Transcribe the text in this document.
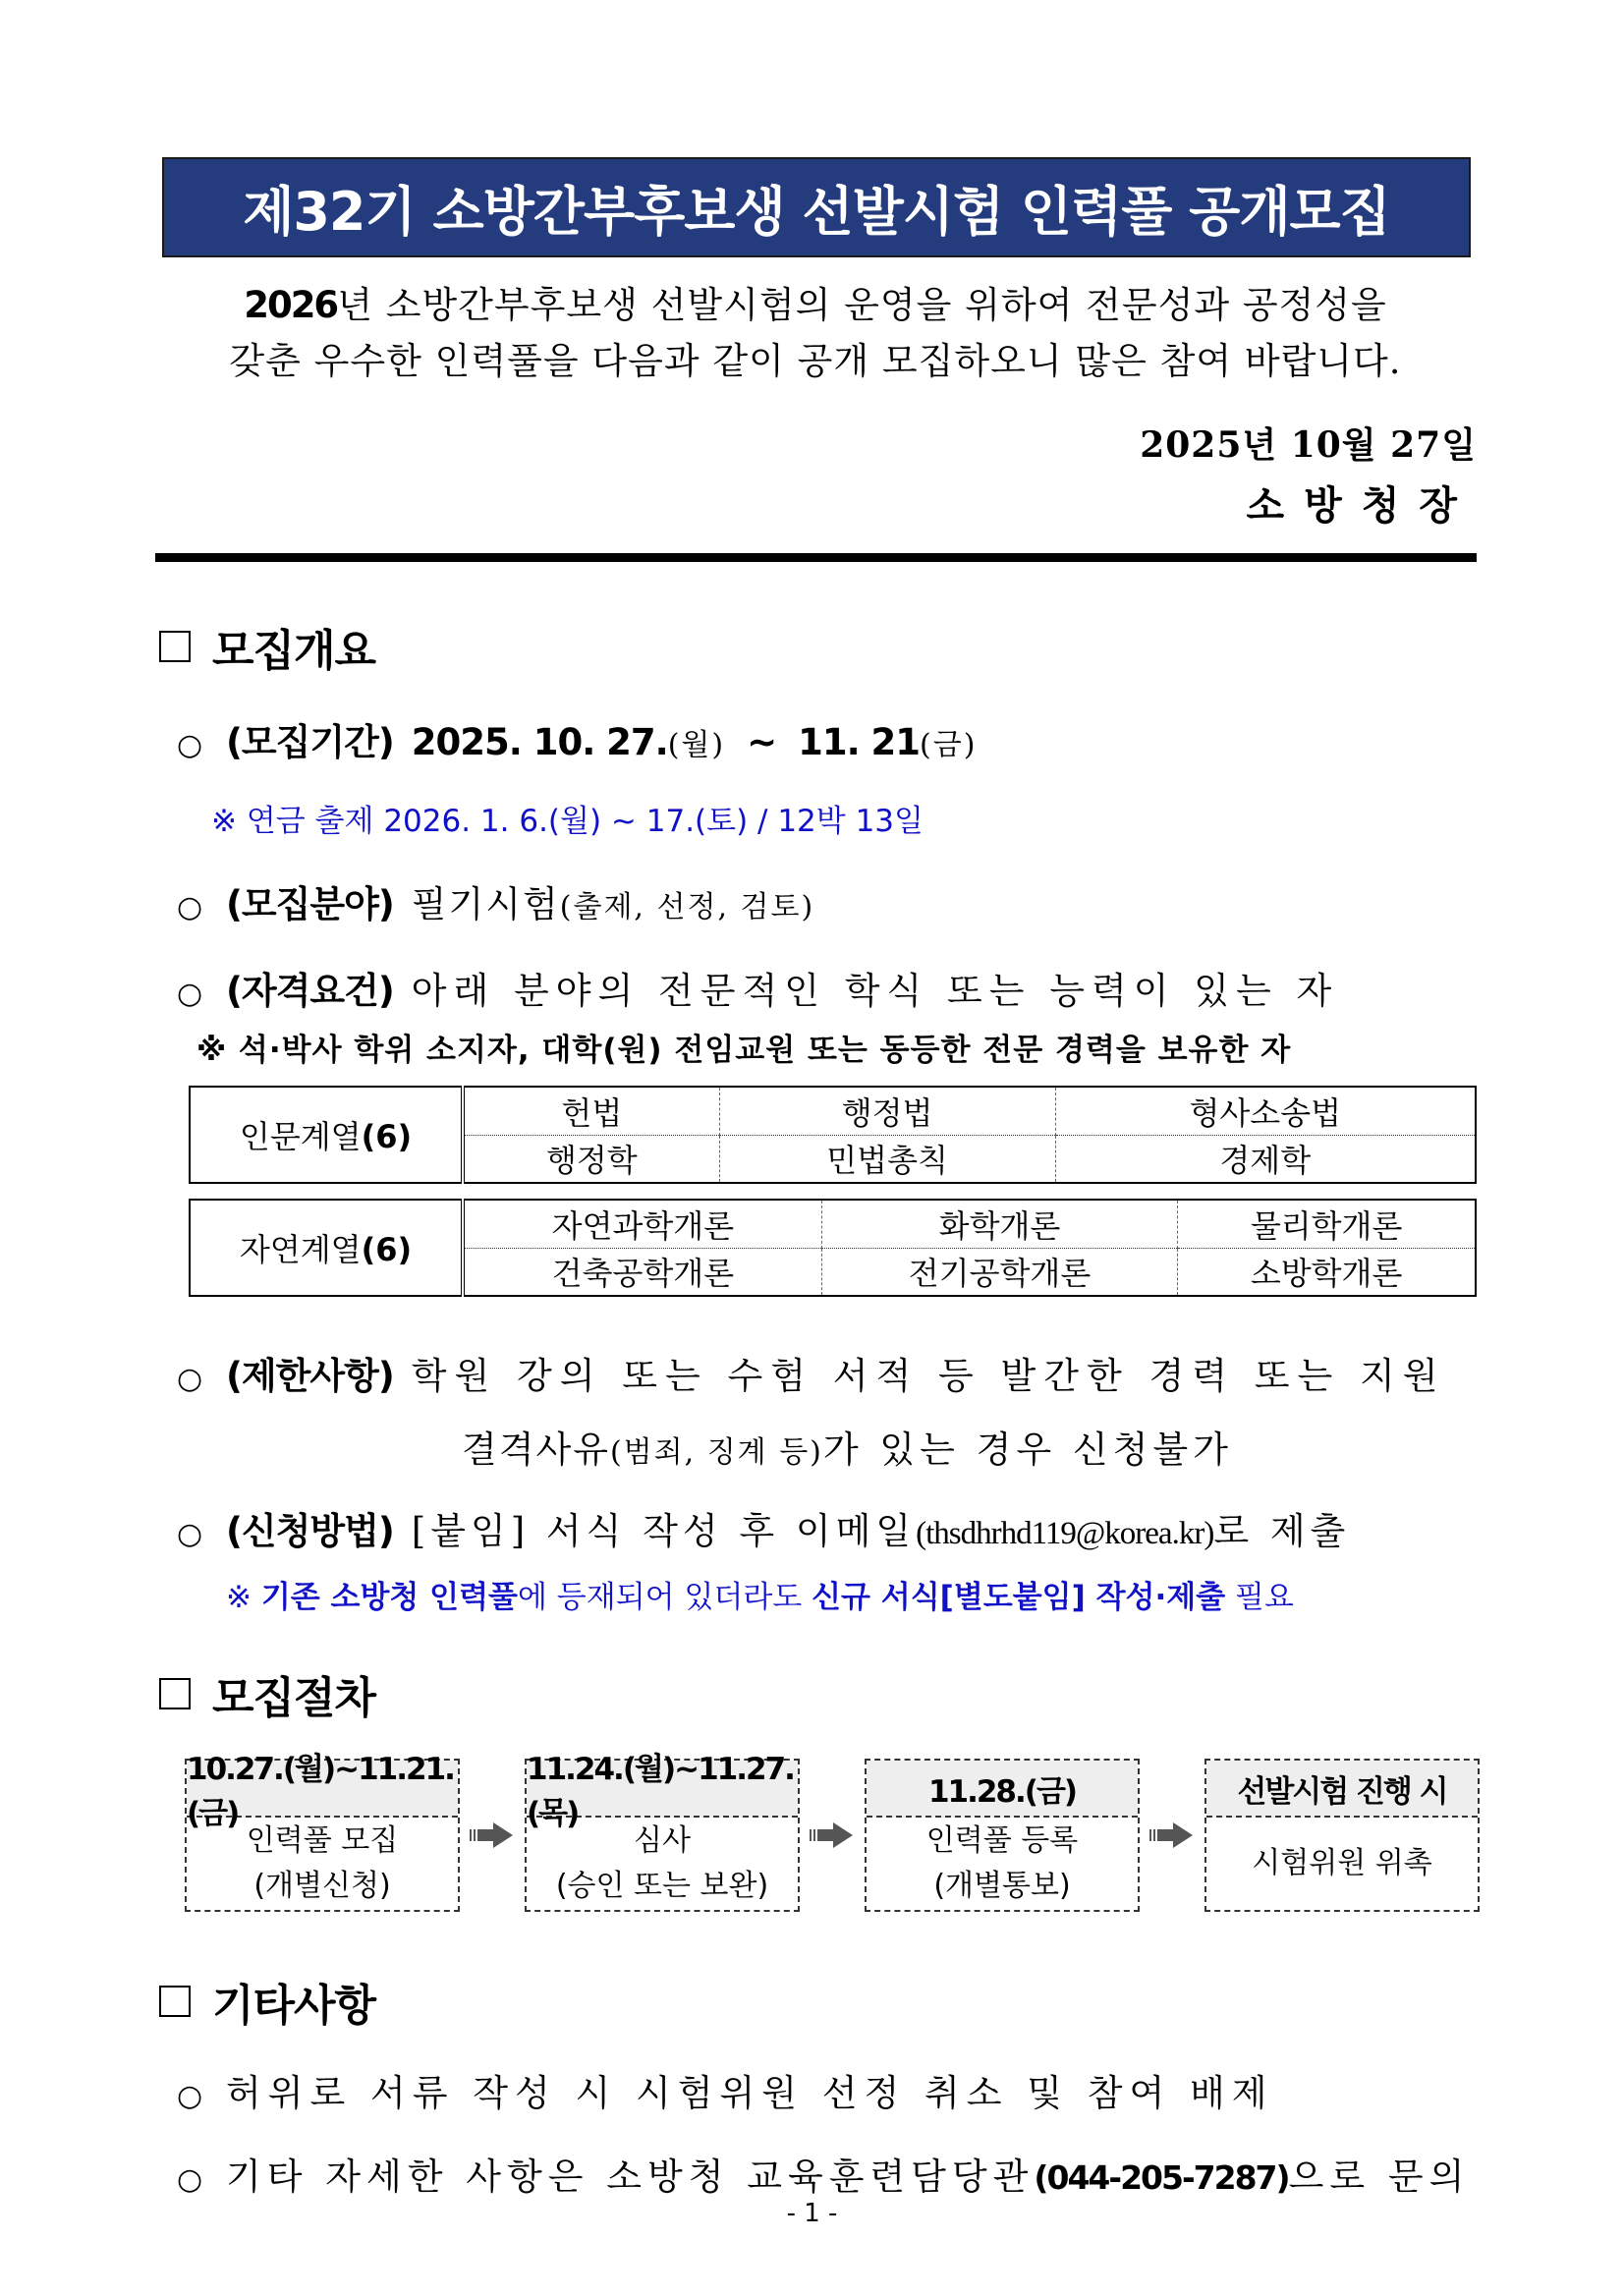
제32기 소방간부후보생 선발시험 인력풀 공개모집
2026년 소방간부후보생 선발시험의 운영을 위하여 전문성과 공정성을
갖춘 우수한 인력풀을 다음과 같이 공개 모집하오니 많은 참여 바랍니다.
2025년 10월 27일
소방청장
모집개요
○ (모집기간) 2025. 10. 27. (월) ~ 11. 21 (금)
※ 연금 출제 2026. 1. 6.(월) ~ 17.(토) / 12박 13일
○ (모집분야) 필기시험 (출제, 선정, 검토)
○ (자격요건) 아래 분야의 전문적인 학식 또는 능력이 있는 자
※ 석·박사 학위 소지자, 대학(원) 전임교원 또는 동등한 전문 경력을 보유한 자
인문계열(6)	헌법	행정법	형사소송법
	행정학	민법총칙	경제학
자연계열(6)	자연과학개론	화학개론	물리학개론
	건축공학개론	전기공학개론	소방학개론
○ (제한사항) 학원 강의 또는 수험 서적 등 발간한 경력 또는 지원
결격사유 (범죄, 징계 등) 가 있는 경우 신청불가
○ (신청방법) [붙임] 서식 작성 후 이메일 (thsdhrhd119@korea.kr) 로 제출
※ 기존 소방청 인력풀에 등재되어 있더라도 신규 서식[별도붙임] 작성·제출 필요
모집절차
10.27.(월)~11.21.(금)
인력풀 모집
(개별신청)
11.24.(월)~11.27.(목)
심사
(승인 또는 보완)
11.28.(금)
인력풀 등록
(개별통보)
선발시험 진행 시
시험위원 위촉
기타사항
○ 허위로 서류 작성 시 시험위원 선정 취소 및 참여 배제
○ 기타 자세한 사항은 소방청 교육훈련담당관 (044-205-7287) 으로 문의
- 1 -
